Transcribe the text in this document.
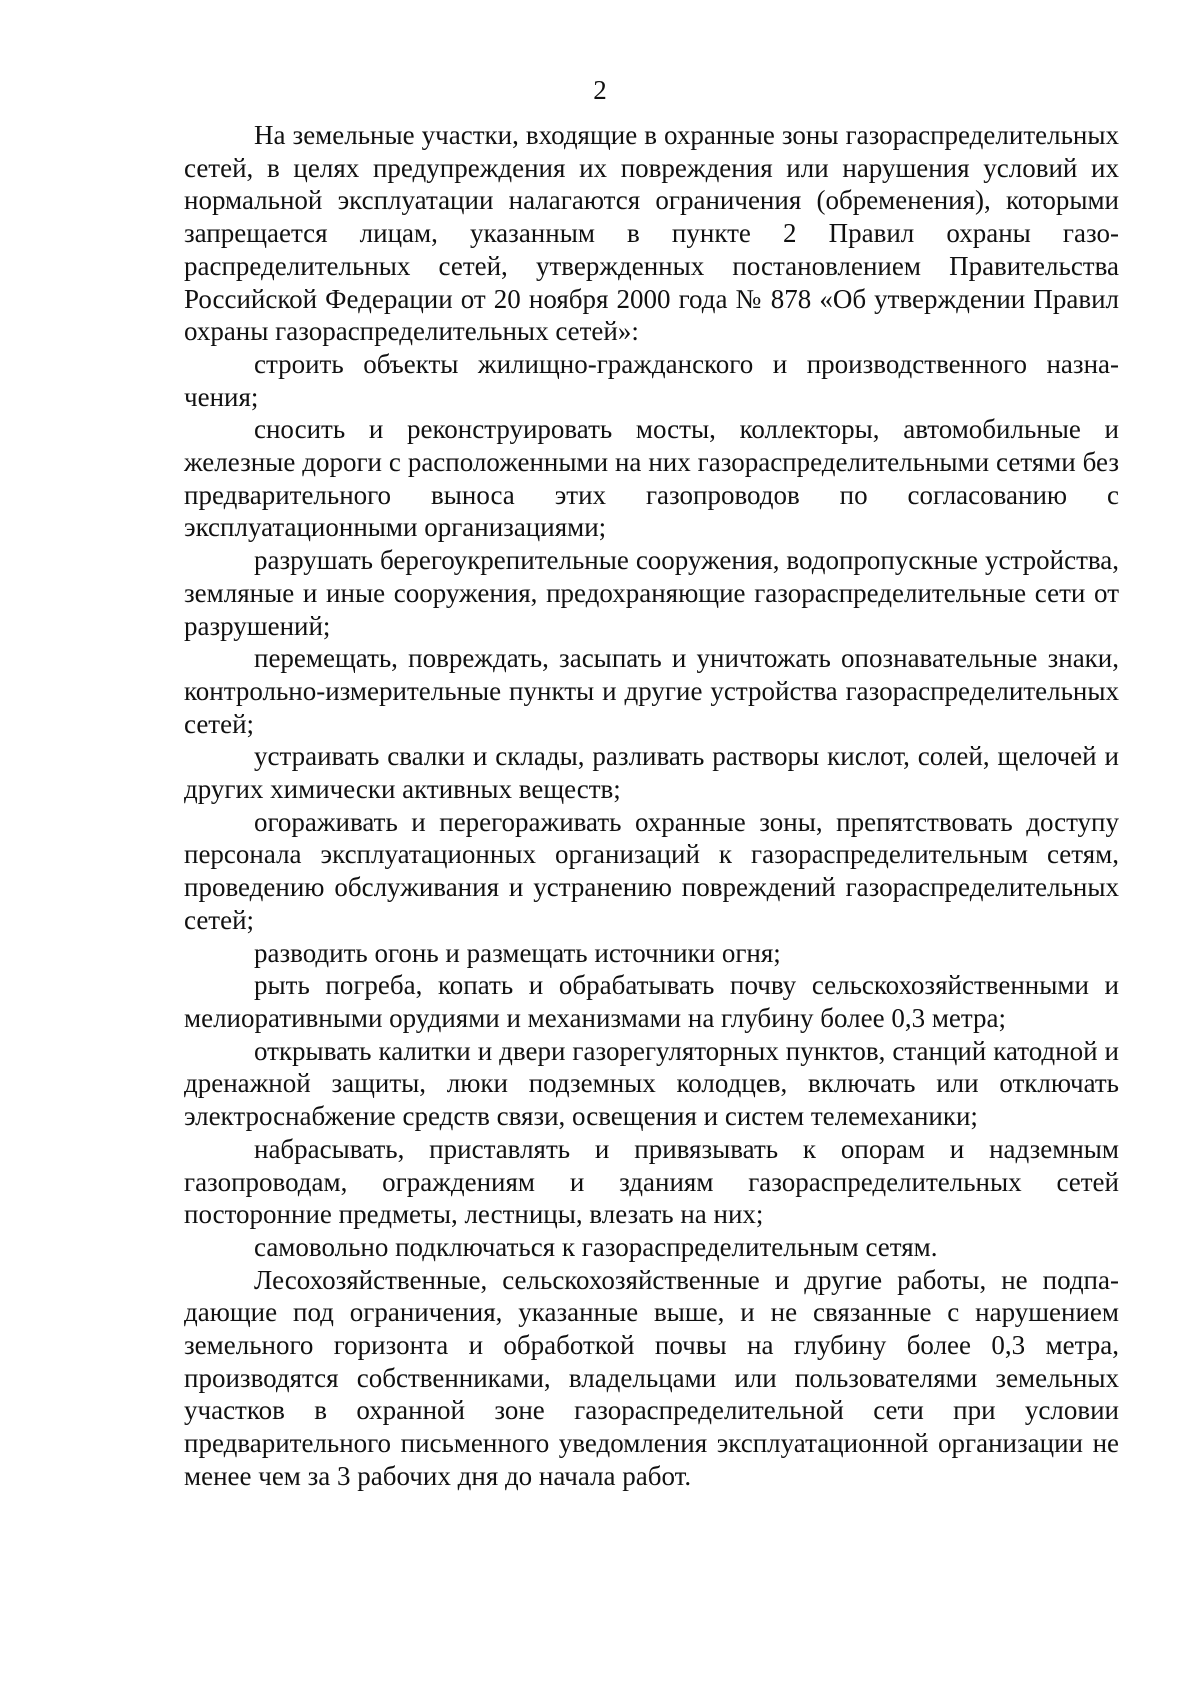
2

На земельные участки, входящие в охранные зоны газораспределительных сетей, в целях предупреждения их повреждения или нарушения условий их нормальной эксплуатации налагаются ограничения (обременения), которыми запрещается лицам, указанным в пункте 2 Правил охраны газораспределительных сетей, утвержденных постановлением Правительства Российской Федерации от 20 ноября 2000 года № 878 «Об утверждении Правил охраны газораспределительных сетей»:

строить объекты жилищно-гражданского и производственного назначения;

сносить и реконструировать мосты, коллекторы, автомобильные и железные дороги с расположенными на них газораспределительными сетями без предварительного выноса этих газопроводов по согласованию с эксплуатационными организациями;

разрушать берегоукрепительные сооружения, водопропускные устройства, земляные и иные сооружения, предохраняющие газораспределительные сети от разрушений;

перемещать, повреждать, засыпать и уничтожать опознавательные знаки, контрольно-измерительные пункты и другие устройства газораспределительных сетей;

устраивать свалки и склады, разливать растворы кислот, солей, щелочей и других химически активных веществ;

огораживать и перегораживать охранные зоны, препятствовать доступу персонала эксплуатационных организаций к газораспределительным сетям, проведению обслуживания и устранению повреждений газораспределительных сетей;

разводить огонь и размещать источники огня;

рыть погреба, копать и обрабатывать почву сельскохозяйственными и мелиоративными орудиями и механизмами на глубину более 0,3 метра;

открывать калитки и двери газорегуляторных пунктов, станций катодной и дренажной защиты, люки подземных колодцев, включать или отключать электроснабжение средств связи, освещения и систем телемеханики;

набрасывать, приставлять и привязывать к опорам и надземным газопроводам, ограждениям и зданиям газораспределительных сетей посторонние предметы, лестницы, влезать на них;

самовольно подключаться к газораспределительным сетям.

Лесохозяйственные, сельскохозяйственные и другие работы, не подпадающие под ограничения, указанные выше, и не связанные с нарушением земельного горизонта и обработкой почвы на глубину более 0,3 метра, производятся собственниками, владельцами или пользователями земельных участков в охранной зоне газораспределительной сети при условии предварительного письменного уведомления эксплуатационной организации не менее чем за 3 рабочих дня до начала работ.
